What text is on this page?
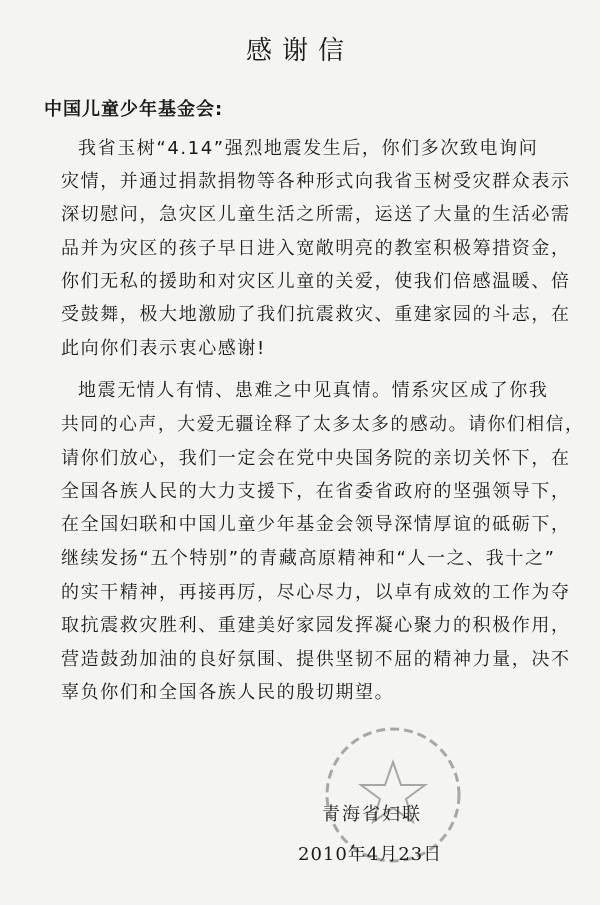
感谢信
中国儿童少年基金会:
我省玉树“4.14”强烈地震发生后，你们多次致电询问
灾情，并通过捐款捐物等各种形式向我省玉树受灾群众表示
深切慰问，急灾区儿童生活之所需，运送了大量的生活必需
品并为灾区的孩子早日进入宽敞明亮的教室积极筹措资金，
你们无私的援助和对灾区儿童的关爱，使我们倍感温暖、倍
受鼓舞，极大地激励了我们抗震救灾、重建家园的斗志，在
此向你们表示衷心感谢!
地震无情人有情、患难之中见真情。情系灾区成了你我
共同的心声，大爱无疆诠释了太多太多的感动。请你们相信，
请你们放心，我们一定会在党中央国务院的亲切关怀下，在
全国各族人民的大力支援下，在省委省政府的坚强领导下，
在全国妇联和中国儿童少年基金会领导深情厚谊的砥砺下，
继续发扬“五个特别”的青藏高原精神和“人一之、我十之”
的实干精神，再接再厉，尽心尽力，以卓有成效的工作为夺
取抗震救灾胜利、重建美好家园发挥凝心聚力的积极作用，
营造鼓劲加油的良好氛围、提供坚韧不屈的精神力量，决不
辜负你们和全国各族人民的殷切期望。
青海省妇联
2010年4月23日
